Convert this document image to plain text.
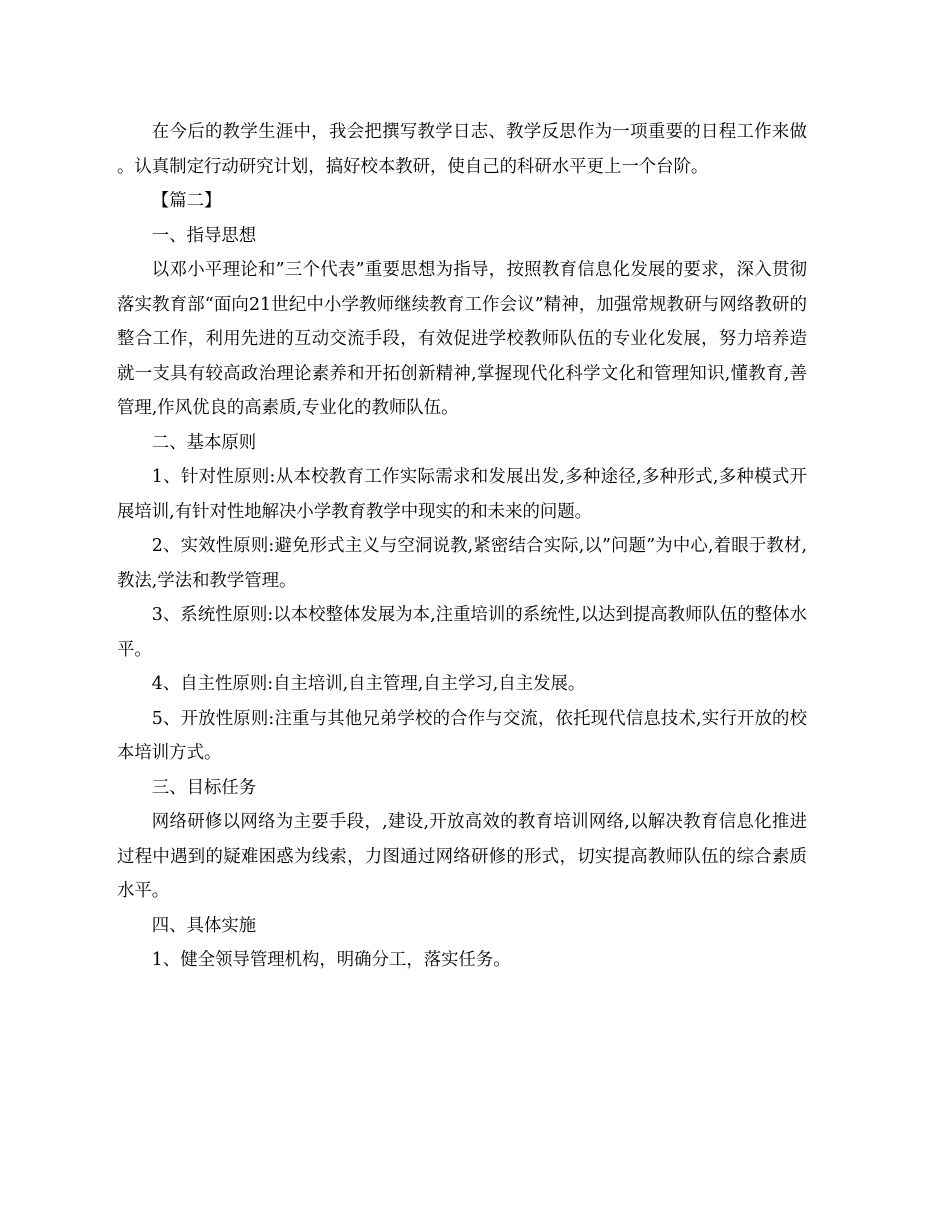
在今后的教学生涯中，我会把撰写教学日志、教学反思作为一项重要的日程工作来做。认真制定行动研究计划，搞好校本教研，使自己的科研水平更上一个台阶。

【篇二】

一、指导思想

以邓小平理论和”三个代表”重要思想为指导，按照教育信息化发展的要求，深入贯彻落实教育部“面向21世纪中小学教师继续教育工作会议”精神，加强常规教研与网络教研的整合工作，利用先进的互动交流手段，有效促进学校教师队伍的专业化发展，努力培养造就一支具有较高政治理论素养和开拓创新精神,掌握现代化科学文化和管理知识,懂教育,善管理,作风优良的高素质,专业化的教师队伍。

二、基本原则

1、针对性原则:从本校教育工作实际需求和发展出发,多种途径,多种形式,多种模式开展培训,有针对性地解决小学教育教学中现实的和未来的问题。

2、实效性原则:避免形式主义与空洞说教,紧密结合实际,以”问题”为中心,着眼于教材,教法,学法和教学管理。

3、系统性原则:以本校整体发展为本,注重培训的系统性,以达到提高教师队伍的整体水平。

4、自主性原则:自主培训,自主管理,自主学习,自主发展。

5、开放性原则:注重与其他兄弟学校的合作与交流，依托现代信息技术,实行开放的校本培训方式。

三、目标任务

网络研修以网络为主要手段，,建设,开放高效的教育培训网络,以解决教育信息化推进过程中遇到的疑难困惑为线索，力图通过网络研修的形式，切实提高教师队伍的综合素质水平。

四、具体实施

1、健全领导管理机构，明确分工，落实任务。
